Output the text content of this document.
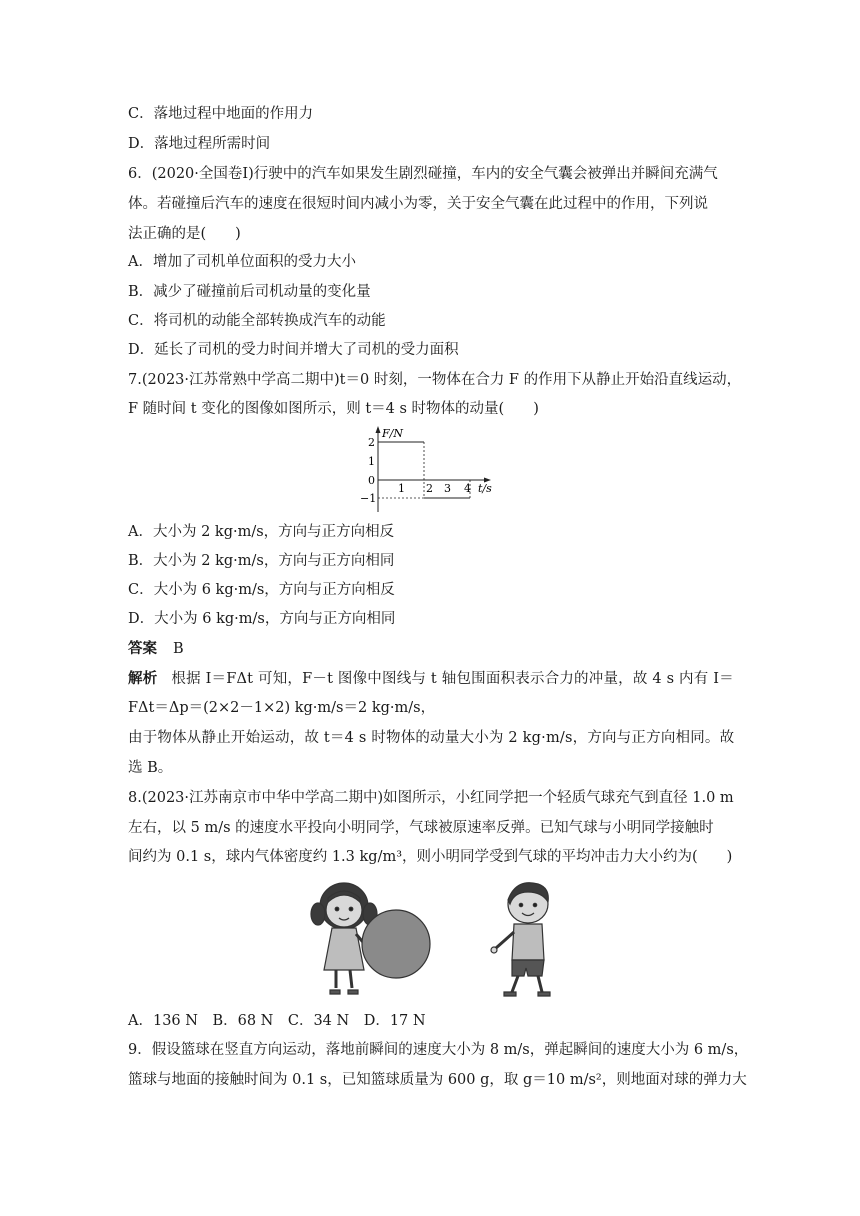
C．落地过程中地面的作用力
D．落地过程所需时间
6．(2020·全国卷Ⅰ)行驶中的汽车如果发生剧烈碰撞，车内的安全气囊会被弹出并瞬间充满气
体。若碰撞后汽车的速度在很短时间内减小为零，关于安全气囊在此过程中的作用，下列说
法正确的是(　　)
A．增加了司机单位面积的受力大小
B．减少了碰撞前后司机动量的变化量
C．将司机的动能全部转换成汽车的动能
D．延长了司机的受力时间并增大了司机的受力面积
7.(2023·江苏常熟中学高二期中)t＝0 时刻，一物体在合力 F 的作用下从静止开始沿直线运动，
F 随时间 t 变化的图像如图所示，则 t＝4 s 时物体的动量(　　)
F/N
2
1
0
−1
1 2 3 4 t/s
A．大小为 2 kg·m/s，方向与正方向相反
B．大小为 2 kg·m/s，方向与正方向相同
C．大小为 6 kg·m/s，方向与正方向相反
D．大小为 6 kg·m/s，方向与正方向相同
答案 B
解析 根据 I＝FΔt 可知，F－t 图像中图线与 t 轴包围面积表示合力的冲量，故 4 s 内有 I＝
FΔt＝Δp＝(2×2－1×2) kg·m/s＝2 kg·m/s，
由于物体从静止开始运动，故 t＝4 s 时物体的动量大小为 2 kg·m/s，方向与正方向相同。故
选 B。
8.(2023·江苏南京市中华中学高二期中)如图所示，小红同学把一个轻质气球充气到直径 1.0 m
左右，以 5 m/s 的速度水平投向小明同学，气球被原速率反弹。已知气球与小明同学接触时
间约为 0.1 s，球内气体密度约 1.3 kg/m³，则小明同学受到气球的平均冲击力大小约为(　　)
A．136 N　B．68 N　C．34 N　D．17 N
9．假设篮球在竖直方向运动，落地前瞬间的速度大小为 8 m/s，弹起瞬间的速度大小为 6 m/s，
篮球与地面的接触时间为 0.1 s，已知篮球质量为 600 g，取 g＝10 m/s²，则地面对球的弹力大
